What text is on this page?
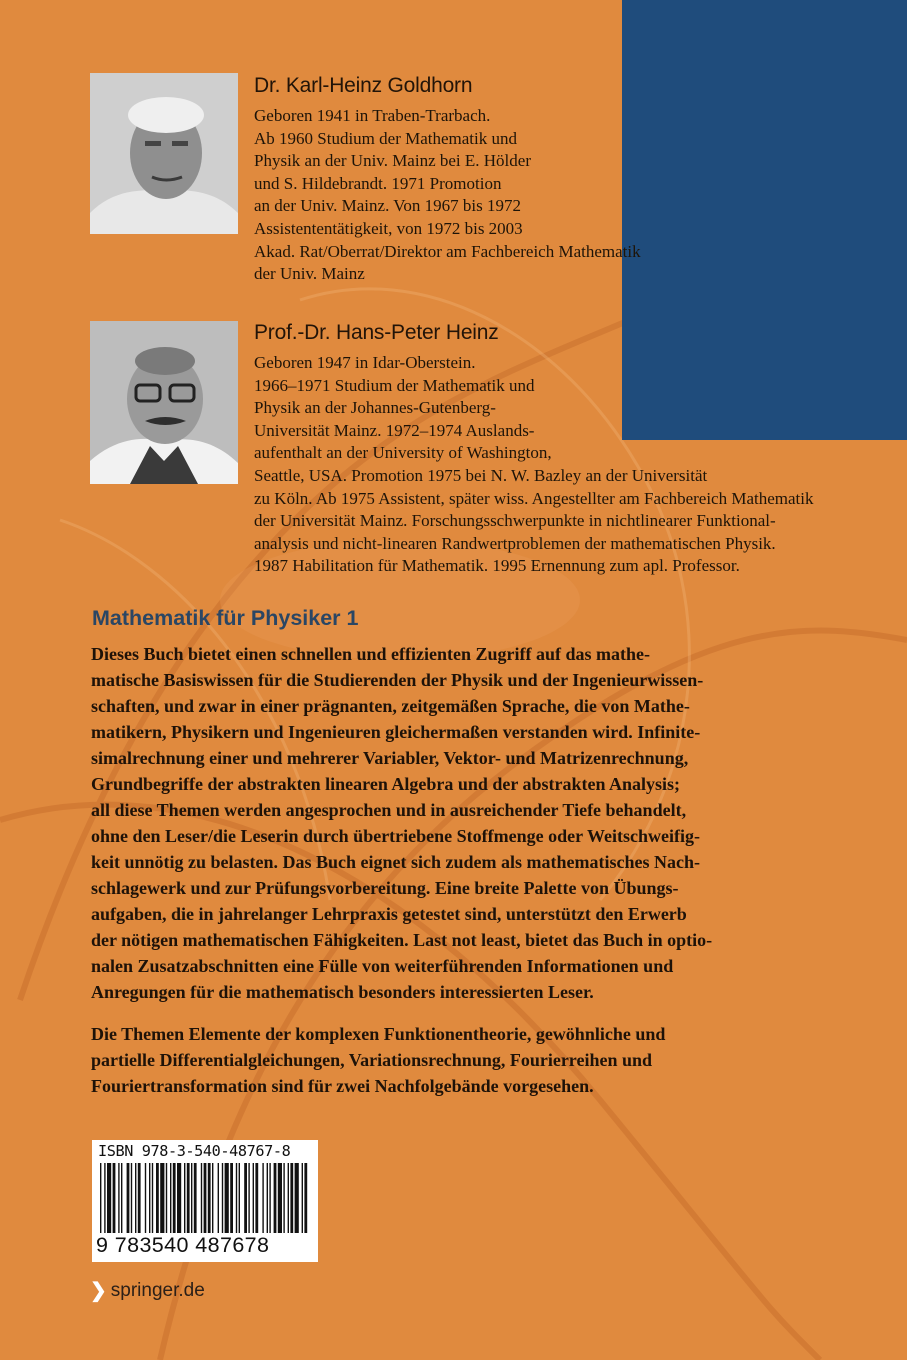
Dr. Karl-Heinz Goldhorn
Geboren 1941 in Traben-Trarbach.
Ab 1960 Studium der Mathematik und
Physik an der Univ. Mainz bei E. Hölder
und S. Hildebrandt. 1971 Promotion
an der Univ. Mainz. Von 1967 bis 1972
Assistententätigkeit, von 1972 bis 2003
Akad. Rat/Oberrat/Direktor am Fachbereich Mathematik
der Univ. Mainz
Prof.-Dr. Hans-Peter Heinz
Geboren 1947 in Idar-Oberstein.
1966–1971 Studium der Mathematik und
Physik an der Johannes-Gutenberg-
Universität Mainz. 1972–1974 Auslands-
aufenthalt an der University of Washington,
Seattle, USA. Promotion 1975 bei N. W. Bazley an der Universität
zu Köln. Ab 1975 Assistent, später wiss. Angestellter am Fachbereich Mathematik
der Universität Mainz. Forschungsschwerpunkte in nichtlinearer Funktional-
analysis und nicht-linearen Randwertproblemen der mathematischen Physik.
1987 Habilitation für Mathematik. 1995 Ernennung zum apl. Professor.
Mathematik für Physiker 1
Dieses Buch bietet einen schnellen und effizienten Zugriff auf das mathe-
matische Basiswissen für die Studierenden der Physik und der Ingenieurwissen-
schaften, und zwar in einer prägnanten, zeitgemäßen Sprache, die von Mathe-
matikern, Physikern und Ingenieuren gleichermaßen verstanden wird. Infinite-
simalrechnung einer und mehrerer Variabler, Vektor- und Matrizenrechnung,
Grundbegriffe der abstrakten linearen Algebra und der abstrakten Analysis;
all diese Themen werden angesprochen und in ausreichender Tiefe behandelt,
ohne den Leser/die Leserin durch übertriebene Stoffmenge oder Weitschweifig-
keit unnötig zu belasten. Das Buch eignet sich zudem als mathematisches Nach-
schlagewerk und zur Prüfungsvorbereitung. Eine breite Palette von Übungs-
aufgaben, die in jahrelanger Lehrpraxis getestet sind, unterstützt den Erwerb
der nötigen mathematischen Fähigkeiten. Last not least, bietet das Buch in optio-
nalen Zusatzabschnitten eine Fülle von weiterführenden Informationen und
Anregungen für die mathematisch besonders interessierten Leser.
Die Themen Elemente der komplexen Funktionentheorie, gewöhnliche und
partielle Differentialgleichungen, Variationsrechnung, Fourierreihen und
Fouriertransformation sind für zwei Nachfolgebände vorgesehen.
ISBN 978-3-540-48767-8
9 783540 487678
❯ springer.de
